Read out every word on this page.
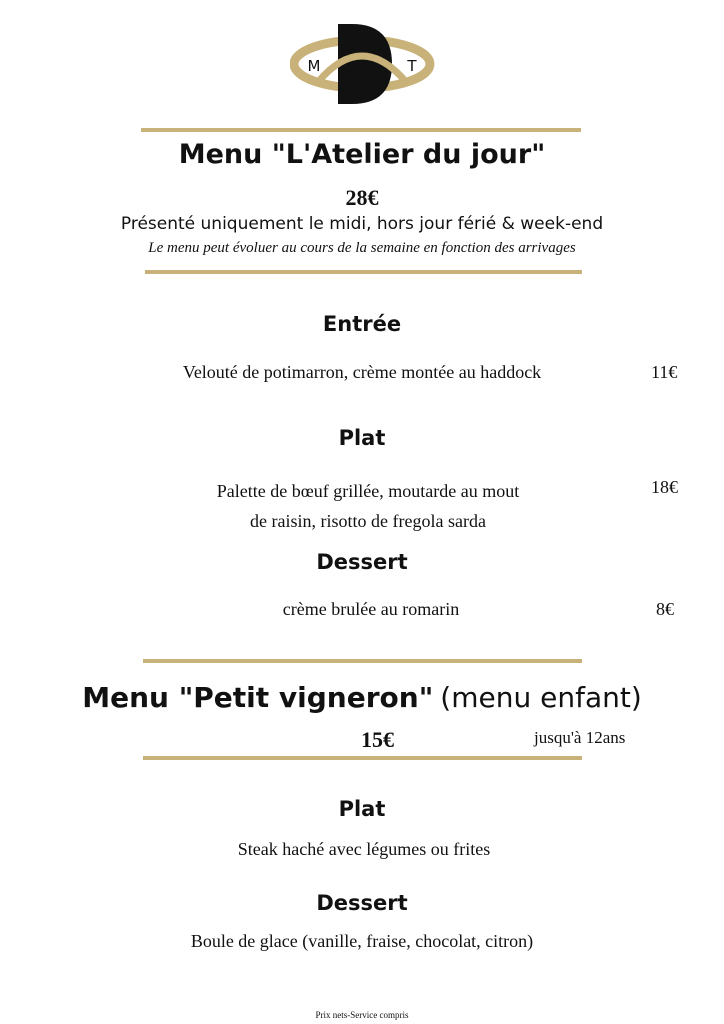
M	T
Menu "L'Atelier du jour"
28€
Présenté uniquement le midi, hors jour férié & week-end
Le menu peut évoluer au cours de la semaine en fonction des arrivages
Entrée
Velouté de potimarron, crème montée au haddock	11€
Plat
Palette de bœuf grillée, moutarde au mout
de raisin, risotto de fregola sarda
18€
Dessert
crème brulée au romarin	8€
Menu "Petit vigneron" (menu enfant)
15€	jusqu'à 12ans
Plat
Steak haché avec légumes ou frites
Dessert
Boule de glace (vanille, fraise, chocolat, citron)
Prix nets-Service compris
